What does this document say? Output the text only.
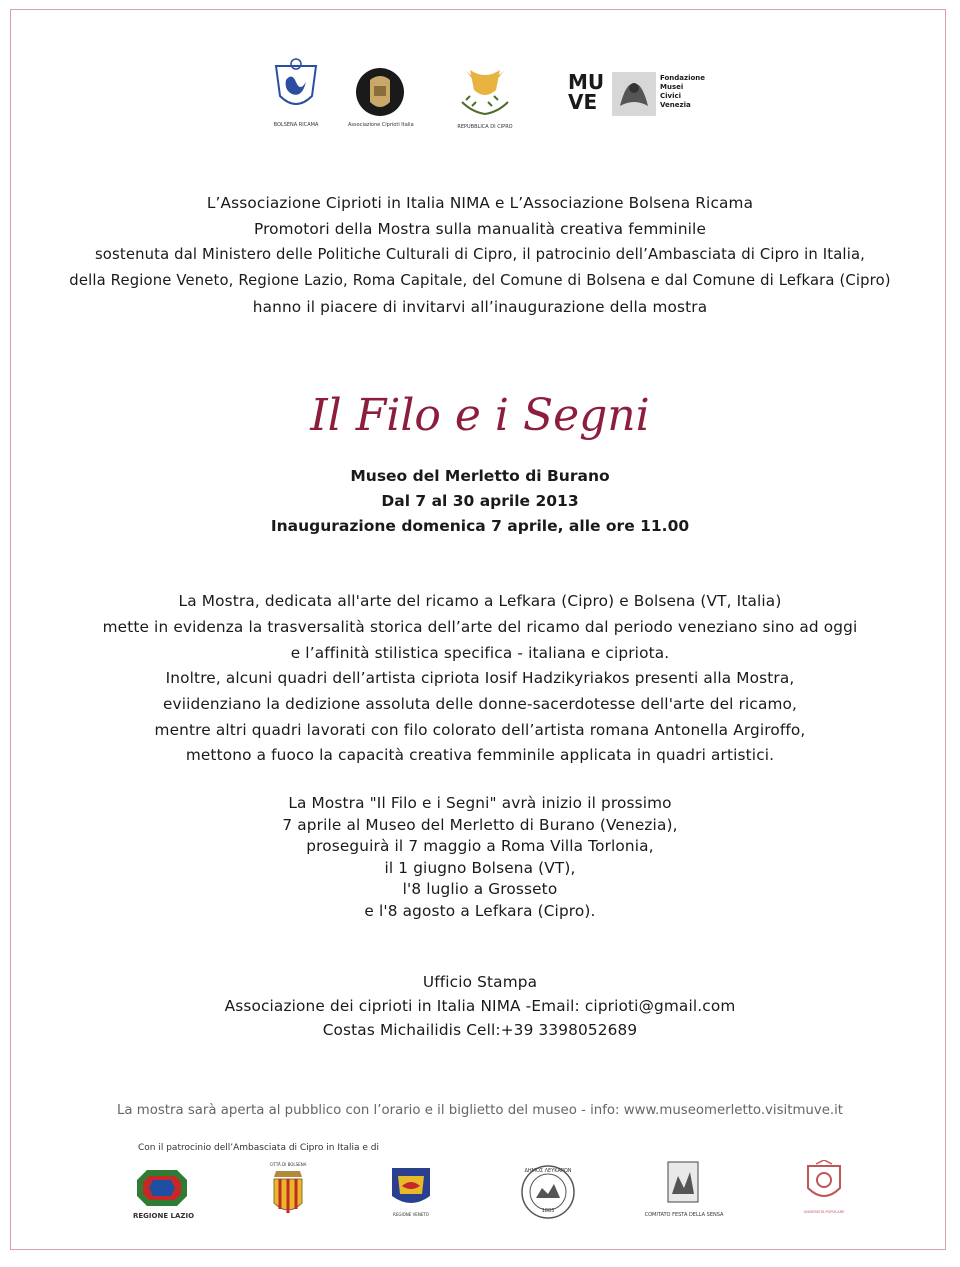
BOLSENA RICAMA	Associazione Ciprioti Italia	REPUBBLICA DI CIPRO
MU
VE
Fondazione
Musei
Civici
Venezia
L’Associazione Ciprioti in Italia NIMA e L’Associazione Bolsena Ricama
Promotori della Mostra sulla manualità creativa femminile
sostenuta dal Ministero delle Politiche Culturali di Cipro, il patrocinio dell’Ambasciata di Cipro in Italia,
della Regione Veneto, Regione Lazio, Roma Capitale, del Comune di Bolsena e dal Comune di Lefkara (Cipro)
hanno il piacere di invitarvi all’inaugurazione della mostra
Il Filo e i Segni
Museo del Merletto di Burano
Dal 7 al 30 aprile 2013
Inaugurazione domenica 7 aprile, alle ore 11.00
La Mostra, dedicata all'arte del ricamo a Lefkara (Cipro) e Bolsena (VT, Italia)
mette in evidenza la trasversalità storica dell’arte del ricamo dal periodo veneziano sino ad oggi
e l’affinità stilistica specifica - italiana e cipriota.
Inoltre, alcuni quadri dell’artista cipriota Iosif Hadzikyriakos presenti alla Mostra,
eviidenziano la dedizione assoluta delle donne-sacerdotesse dell'arte del ricamo,
mentre altri quadri lavorati con filo colorato dell’artista romana Antonella Argiroffo,
mettono a fuoco la capacità creativa femminile applicata in quadri artistici.
La Mostra "Il Filo e i Segni" avrà inizio il prossimo
7 aprile al Museo del Merletto di Burano (Venezia),
proseguirà il 7 maggio a Roma Villa Torlonia,
il 1 giugno Bolsena (VT),
l'8 luglio a Grosseto
e l'8 agosto a Lefkara (Cipro).
Ufficio Stampa
Associazione dei ciprioti in Italia NIMA -Email: ciprioti@gmail.com
Costas Michailidis Cell:+39 3398052689
La mostra sarà aperta al pubblico con l’orario e il biglietto del museo - info: www.museomerletto.visitmuve.it
Con il patrocinio dell’Ambasciata di Cipro in Italia e di
REGIONE LAZIO
CITTÀ DI BOLSENA
REGIONE VENETO
ΔΗΜΟΣ ΛΕΥΚΑΡΩΝ
1883
COMITATO FESTA DELLA SENSA	UNIVERSITÀ POPOLARE
